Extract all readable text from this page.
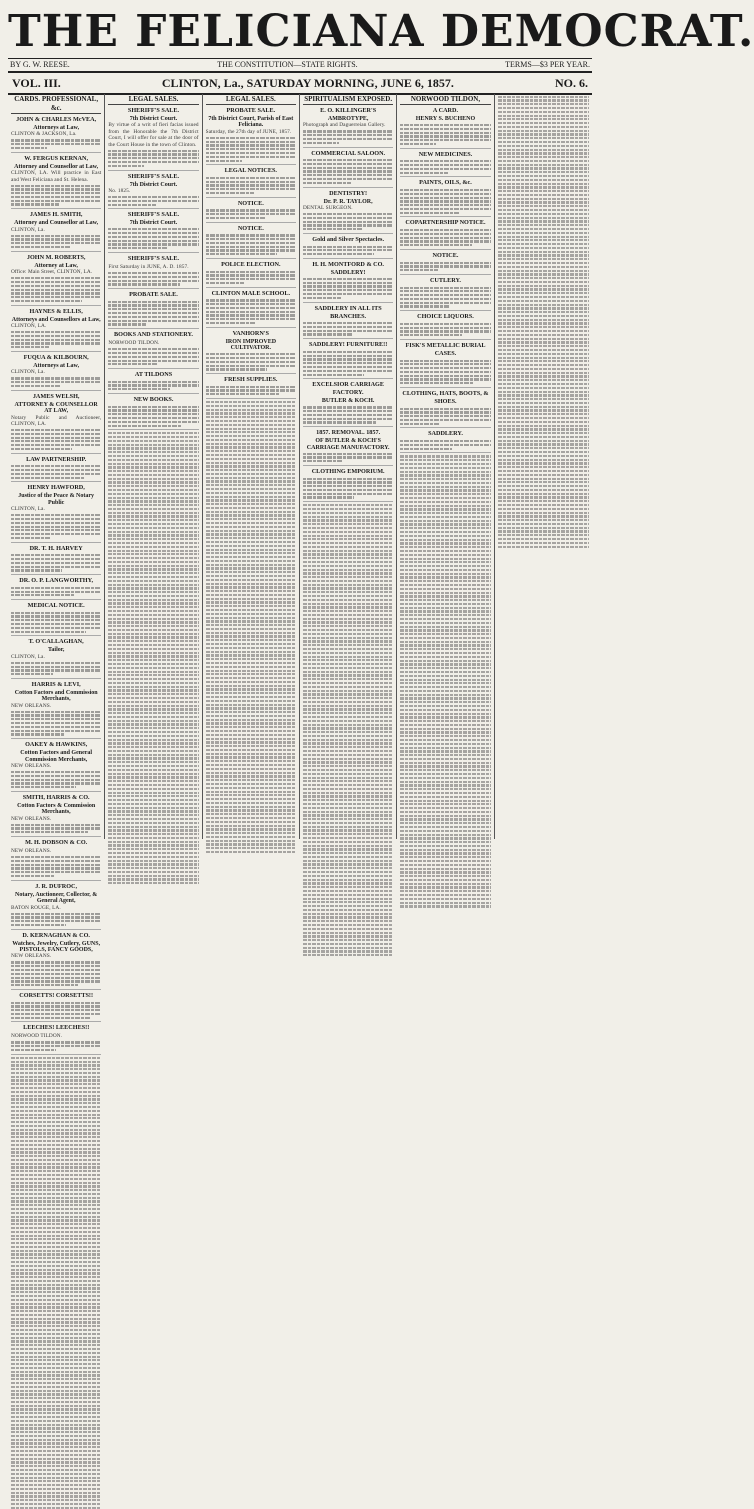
THE FELICIANA DEMOCRAT.
BY G. W. REESE.	THE CONSTITUTION—STATE RIGHTS.	TERMS—$3 PER YEAR.
VOL. III.	CLINTON, La., SATURDAY MORNING, JUNE 6, 1857.	NO. 6.
CARDS. PROFESSIONAL, &c.
JOHN & CHARLES McVEA,
Attorneys at Law,
CLINTON & JACKSON, La.
W. FERGUS KERNAN,
Attorney and Counsellor at Law,
CLINTON, LA. Will practice in East and West Feliciana and St. Helena.
JAMES H. SMITH,
Attorney and Counsellor at Law,
CLINTON, La.
JOHN M. ROBERTS,
Attorney at Law,
Office: Main Street, CLINTON, LA.
HAYNES & ELLIS,
Attorneys and Counsellors at Law,
CLINTON, LA.
FUQUA & KILBOURN,
Attorneys at Law,
CLINTON, La.
JAMES WELSH,
ATTORNEY & COUNSELLOR AT LAW,
Notary Public and Auctioneer, CLINTON, LA.
LAW PARTNERSHIP.
HENRY HAWFORD,
Justice of the Peace & Notary Public
CLINTON, La.
DR. T. H. HARVEY
DR. O. P. LANGWORTHY,
MEDICAL NOTICE.
T. O'CALLAGHAN,
Tailor,
CLINTON, La.
HARRIS & LEVI,
Cotton Factors and Commission Merchants,
NEW ORLEANS.
OAKEY & HAWKINS,
Cotton Factors and General Commission Merchants,
NEW ORLEANS.
SMITH, HARRIS & CO.
Cotton Factors & Commission Merchants,
NEW ORLEANS.
M. H. DOBSON & CO.
NEW ORLEANS.
J. R. DUFROC,
Notary, Auctioneer, Collector, & General Agent,
BATON ROUGE, LA.
D. KERNAGHAN & CO.
Watches, Jewelry, Cutlery, GUNS, PISTOLS, FANCY GOODS,
NEW ORLEANS.
CORSETTS! CORSETTS!!
LEECHES! LEECHES!!
NORWOOD TILDON.
LEGAL SALES.
SHERIFF'S SALE.
7th District Court.
By virtue of a writ of fieri facias issued from the Honorable the 7th District Court, I will offer for sale at the door of the Court House in the town of Clinton.
SHERIFF'S SALE.
7th District Court.
No. 1825.
SHERIFF'S SALE.
7th District Court.
SHERIFF'S SALE.
First Saturday in JUNE, A. D. 1857.
PROBATE SALE.
BOOKS AND STATIONERY.
NORWOOD TILDON.
AT TILDONS
NEW BOOKS.
LEGAL SALES.
PROBATE SALE.
7th District Court, Parish of East Feliciana.
Saturday, the 27th day of JUNE, 1857.
LEGAL NOTICES.
NOTICE.
NOTICE.
POLICE ELECTION.
CLINTON MALE SCHOOL.
VANHORN'S
IRON IMPROVED CULTIVATOR.
FRESH SUPPLIES.
SPIRITUALISM EXPOSED.
E. O. KILLINGER'S
AMBROTYPE,
Photograph and Daguerreian Gallery.
COMMERCIAL SALOON.
DENTISTRY!
Dr. P. R. TAYLOR,
DENTAL SURGEON.
Gold and Silver Spectacles.
H. H. MONTFORD & CO.
SADDLERY!
SADDLERY IN ALL ITS BRANCHES.
SADDLERY! FURNITURE!!
EXCELSIOR CARRIAGE FACTORY.
BUTLER & KOCH.
1857. REMOVAL. 1857.
OF BUTLER & KOCH'S CARRIAGE MANUFACTORY.
CLOTHING EMPORIUM.
NORWOOD TILDON,
A CARD.
HENRY S. BUCHENO
NEW MEDICINES.
PAINTS, OILS, &c.
COPARTNERSHIP NOTICE.
NOTICE.
CUTLERY.
CHOICE LIQUORS.
FISK'S METALLIC BURIAL CASES.
CLOTHING, HATS, BOOTS, & SHOES.
SADDLERY.
